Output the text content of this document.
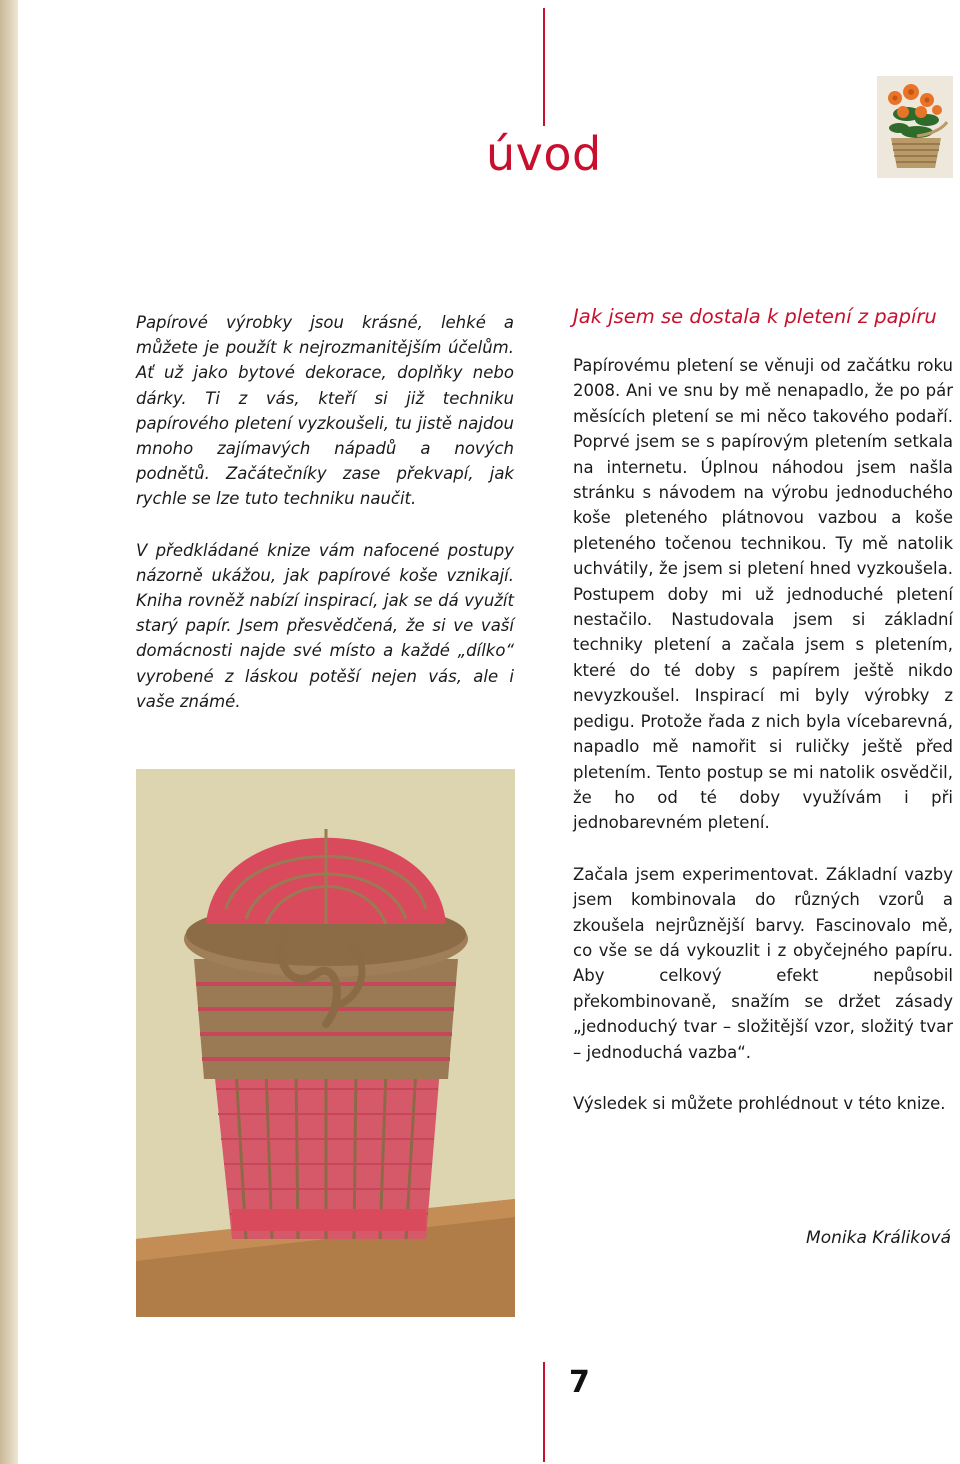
úvod

Papírové výrobky jsou krásné, lehké a můžete je použít k nejrozmanitějším účelům. Ať už jako bytové dekorace, doplňky nebo dárky. Ti z vás, kteří si již techniku papírového pletení vyzkoušeli, tu jistě najdou mnoho zajímavých nápadů a nových podnětů. Začátečníky zase překvapí, jak rychle se lze tuto techniku naučit.

V předkládané knize vám nafocené postupy názorně ukážou, jak papírové koše vznikají. Kniha rovněž nabízí inspirací, jak se dá využít starý papír. Jsem přesvědčená, že si ve vaší domácnosti najde své místo a každé „dílko“ vyrobené z láskou potěší nejen vás, ale i vaše známé.

Jak jsem se dostala k pletení z papíru

Papírovému pletení se věnuji od začátku roku 2008. Ani ve snu by mě nenapadlo, že po pár měsících pletení se mi něco takového podaří. Poprvé jsem se s papírovým pletením setkala na internetu. Úplnou náhodou jsem našla stránku s návodem na výrobu jednoduchého koše pleteného plátnovou vazbou a koše pleteného točenou technikou. Ty mě natolik uchvátily, že jsem si pletení hned vyzkoušela. Postupem doby mi už jednoduché pletení nestačilo. Nastudovala jsem si základní techniky pletení a začala jsem s pletením, které do té doby s papírem ještě nikdo nevyzkoušel. Inspirací mi byly výrobky z pedigu. Protože řada z nich byla vícebarevná, napadlo mě namořit si ruličky ještě před pletením. Tento postup se mi natolik osvědčil, že ho od té doby využívám i při jednobarevném pletení.

Začala jsem experimentovat. Základní vazby jsem kombinovala do různých vzorů a zkoušela nejrůznější barvy. Fascinovalo mě, co vše se dá vykouzlit i z obyčejného papíru. Aby celkový efekt nepůsobil překombinovaně, snažím se držet zásady „jednoduchý tvar – složitější vzor, složitý tvar – jednoduchá vazba“.

Výsledek si můžete prohlédnout v této knize.

Monika Králiková
7
